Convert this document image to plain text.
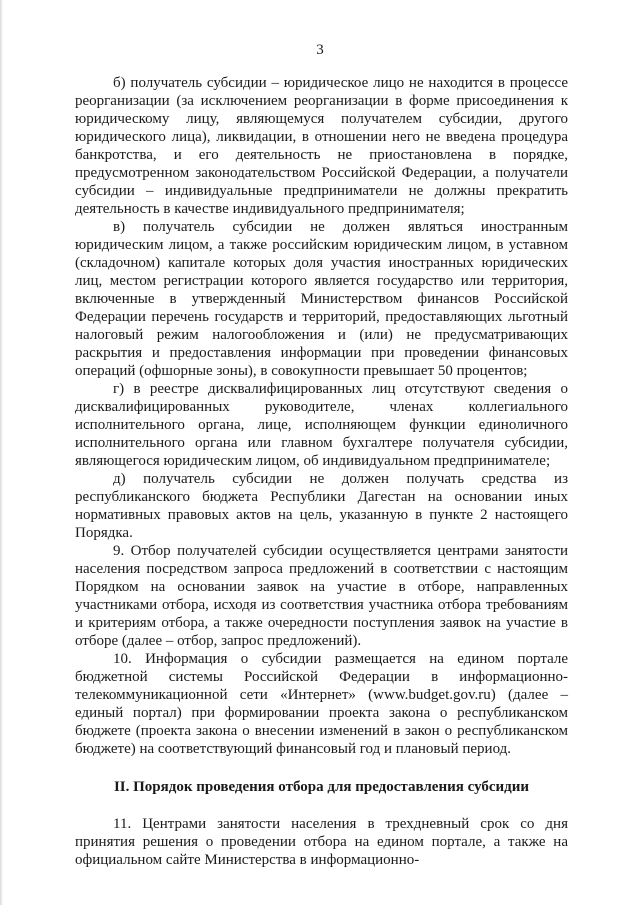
3

б) получатель субсидии – юридическое лицо не находится в процессе реорганизации (за исключением реорганизации в форме присоединения к юридическому лицу, являющемуся получателем субсидии, другого юридического лица), ликвидации, в отношении него не введена процедура банкротства, и его деятельность не приостановлена в порядке, предусмотренном законодательством Российской Федерации, а получатели субсидии – индивидуальные предприниматели не должны прекратить деятельность в качестве индивидуального предпринимателя;

в) получатель субсидии не должен являться иностранным юридическим лицом, а также российским юридическим лицом, в уставном (складочном) капитале которых доля участия иностранных юридических лиц, местом регистрации которого является государство или территория, включенные в утвержденный Министерством финансов Российской Федерации перечень государств и территорий, предоставляющих льготный налоговый режим налогообложения и (или) не предусматривающих раскрытия и предоставления информации при проведении финансовых операций (офшорные зоны), в совокупности превышает 50 процентов;

г) в реестре дисквалифицированных лиц отсутствуют сведения о дисквалифицированных руководителе, членах коллегиального исполнительного органа, лице, исполняющем функции единоличного исполнительного органа или главном бухгалтере получателя субсидии, являющегося юридическим лицом, об индивидуальном предпринимателе;

д) получатель субсидии не должен получать средства из республиканского бюджета Республики Дагестан на основании иных нормативных правовых актов на цель, указанную в пункте 2 настоящего Порядка.

9. Отбор получателей субсидии осуществляется центрами занятости населения посредством запроса предложений в соответствии с настоящим Порядком на основании заявок на участие в отборе, направленных участниками отбора, исходя из соответствия участника отбора требованиям и критериям отбора, а также очередности поступления заявок на участие в отборе (далее – отбор, запрос предложений).

10. Информация о субсидии размещается на едином портале бюджетной системы Российской Федерации в информационно-телекоммуникационной сети «Интернет» (www.budget.gov.ru) (далее – единый портал) при формировании проекта закона о республиканском бюджете (проекта закона о внесении изменений в закон о республиканском бюджете) на соответствующий финансовый год и плановый период.

II. Порядок проведения отбора для предоставления субсидии

11. Центрами занятости населения в трехдневный срок со дня принятия решения о проведении отбора на едином портале, а также на официальном сайте Министерства в информационно-
